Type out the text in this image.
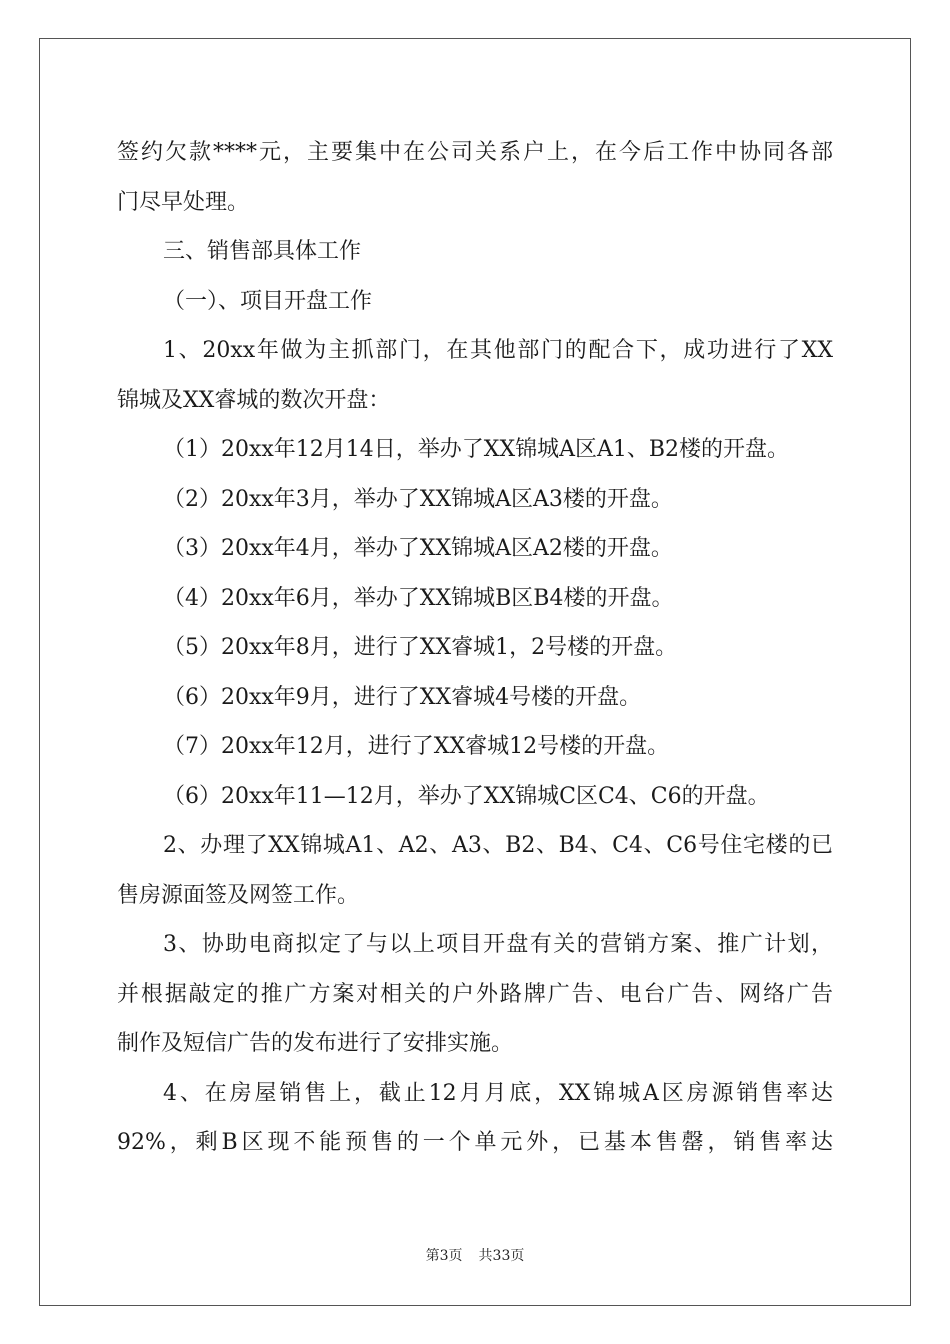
签约欠款****元，主要集中在公司关系户上，在今后工作中协同各部
门尽早处理。
三、销售部具体工作
（一）、项目开盘工作
1、20xx年做为主抓部门，在其他部门的配合下，成功进行了XX
锦城及XX睿城的数次开盘：
（1）20xx年12月14日，举办了XX锦城A区A1、B2楼的开盘。
（2）20xx年3月，举办了XX锦城A区A3楼的开盘。
（3）20xx年4月，举办了XX锦城A区A2楼的开盘。
（4）20xx年6月，举办了XX锦城B区B4楼的开盘。
（5）20xx年8月，进行了XX睿城1，2号楼的开盘。
（6）20xx年9月，进行了XX睿城4号楼的开盘。
（7）20xx年12月，进行了XX睿城12号楼的开盘。
（6）20xx年11—12月，举办了XX锦城C区C4、C6的开盘。
2、办理了XX锦城A1、A2、A3、B2、B4、C4、C6号住宅楼的已
售房源面签及网签工作。
3、协助电商拟定了与以上项目开盘有关的营销方案、推广计划，
并根据敲定的推广方案对相关的户外路牌广告、电台广告、网络广告
制作及短信广告的发布进行了安排实施。
4、在房屋销售上，截止12月月底，XX锦城A区房源销售率达
92%，剩B区现不能预售的一个单元外，已基本售罄，销售率达
第3页 共33页
